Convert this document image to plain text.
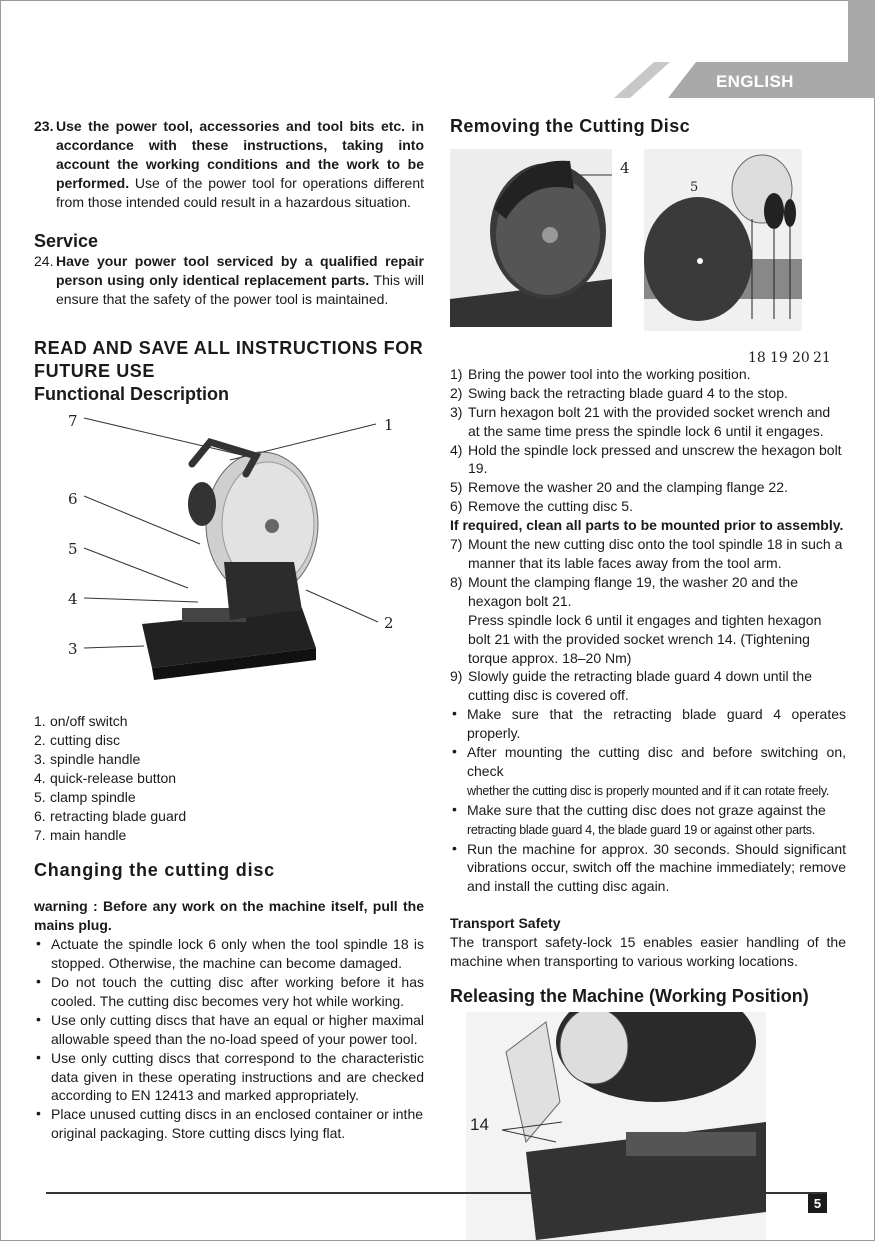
ENGLISH
23. Use the power tool, accessories and tool bits etc. in accordance with these instructions, taking into account the working conditions and the work to be performed. Use of the power tool for operations different from those intended could result in a hazardous situation.
Service
24. Have your power tool serviced by a qualified repair person using only identical replacement parts. This will ensure that the safety of the power tool is maintained.
READ AND SAVE ALL INSTRUCTIONS FOR FUTURE USE
Functional Description
7
6
5
4
3
1
2
1. on/off switch
2. cutting disc
3. spindle handle
4. quick-release button
5. clamp spindle
6. retracting blade guard
7. main handle
Changing the cutting disc
warning : Before any work on the machine itself, pull the mains plug.
• Actuate the spindle lock 6 only when the tool spindle 18 is stopped. Otherwise, the machine can become damaged.
• Do not touch the cutting disc after working before it has cooled. The cutting disc becomes very hot while working.
• Use only cutting discs that have an equal or higher maximal allowable speed than the no-load speed of your power tool.
• Use only cutting discs that correspond to the characteristic data given in these operating instructions and are checked according to EN 12413 and marked appropriately.
• Place unused cutting discs in an enclosed container or inthe original packaging. Store cutting discs lying flat.
Removing the Cutting Disc
4
5
18 19 20 21
1) Bring the power tool into the working position.
2) Swing back the retracting blade guard 4 to the stop.
3) Turn hexagon bolt 21 with the provided socket wrench and
at the same time press the spindle lock 6 until it engages.
4) Hold the spindle lock pressed and unscrew the hexagon bolt 19.
5) Remove the washer 20 and the clamping flange 22.
6) Remove the cutting disc 5.
If required, clean all parts to be mounted prior to assembly.
7) Mount the new cutting disc onto the tool spindle 18 in such a manner that its lable faces away from the tool arm.
8) Mount the clamping flange 19, the washer 20 and the hexagon bolt 21.
Press spindle lock 6 until it engages and tighten hexagon bolt 21 with the provided socket wrench 14. (Tightening torque approx. 18–20 Nm)
9) Slowly guide the retracting blade guard 4 down until the cutting disc is covered off.
• Make sure that the retracting blade guard 4 operates properly.
• After mounting the cutting disc and before switching on, check
whether the cutting disc is properly mounted and if it can rotate freely.
• Make sure that the cutting disc does not graze against the
retracting blade guard 4, the blade guard 19 or against other parts.
• Run the machine for approx. 30 seconds. Should significant vibrations occur, switch off the machine immediately; remove and install the cutting disc again.
Transport Safety
The transport safety-lock 15 enables easier handling of the machine when transporting to various working locations.
Releasing the Machine (Working Position)
14
5
